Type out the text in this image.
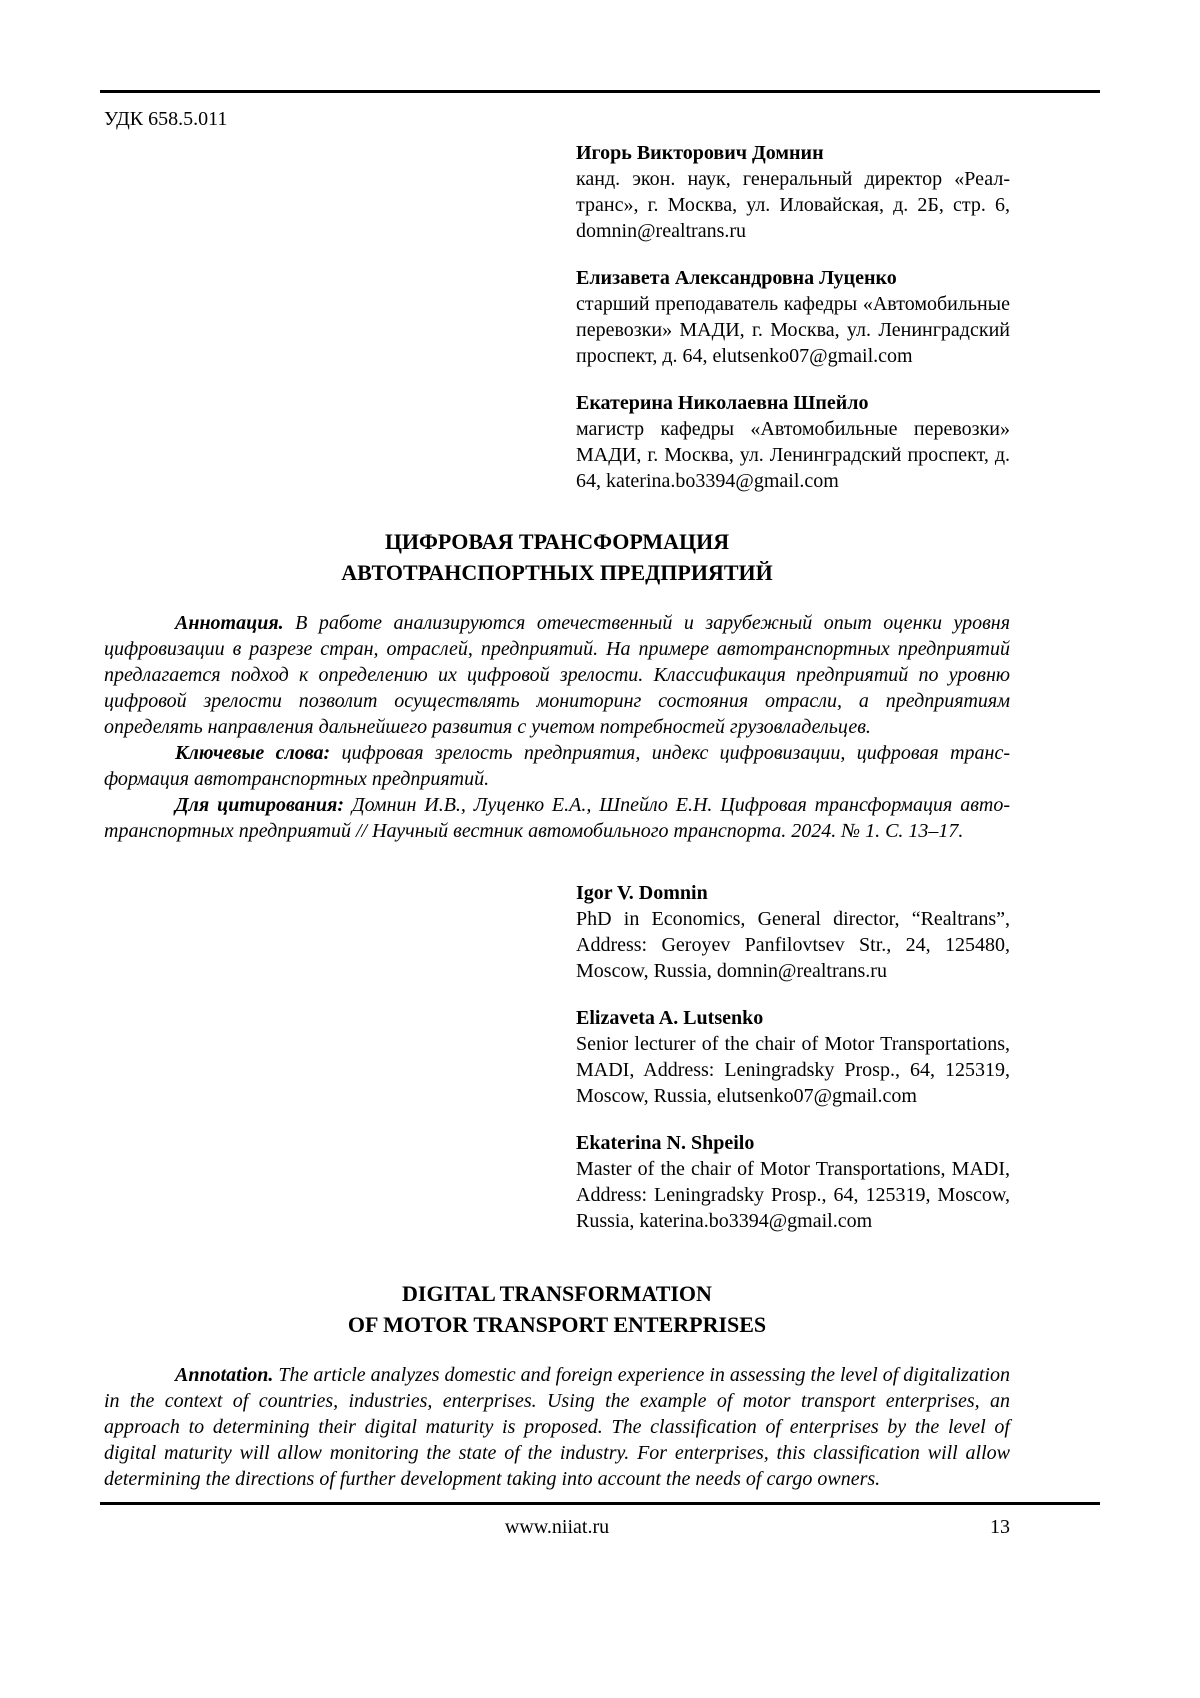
УДК 658.5.011
Игорь Викторович Домнин
канд. экон. наук, генеральный директор «Реалтранс», г. Москва, ул. Иловайская, д. 2Б, стр. 6, domnin@realtrans.ru
Елизавета Александровна Луценко
старший преподаватель кафедры «Автомобильные перевозки» МАДИ, г. Москва, ул. Ленинградский проспект, д. 64, elutsenko07@gmail.com
Екатерина Николаевна Шпейло
магистр кафедры «Автомобильные перевозки» МАДИ, г. Москва, ул. Ленинградский проспект, д. 64, katerina.bo3394@gmail.com
ЦИФРОВАЯ ТРАНСФОРМАЦИЯ
АВТОТРАНСПОРТНЫХ ПРЕДПРИЯТИЙ

Аннотация. В работе анализируются отечественный и зарубежный опыт оценки уровня цифровизации в разрезе стран, отраслей, предприятий. На примере автотранспортных предприятий предлагается подход к определению их цифровой зрелости. Классификация предприятий по уровню цифровой зрелости позволит осуществлять мониторинг состояния отрасли, а предприятиям определять направления дальнейшего развития с учетом потребностей грузовладельцев.

Ключевые слова: цифровая зрелость предприятия, индекс цифровизации, цифровая трансформация автотранспортных предприятий.

Для цитирования: Домнин И.В., Луценко Е.А., Шпейло Е.Н. Цифровая трансформация автотранспортных предприятий // Научный вестник автомобильного транспорта. 2024. № 1. С. 13–17.

Igor V. Domnin
PhD in Economics, General director, “Realtrans”, Address: Geroyev Panfilovtsev Str., 24, 125480, Moscow, Russia, domnin@realtrans.ru
Elizaveta A. Lutsenko
Senior lecturer of the chair of Motor Transportations, MADI, Address: Leningradsky Prosp., 64, 125319, Moscow, Russia, elutsenko07@gmail.com
Ekaterina N. Shpeilo
Master of the chair of Motor Transportations, MADI, Address: Leningradsky Prosp., 64, 125319, Moscow, Russia, katerina.bo3394@gmail.com
DIGITAL TRANSFORMATION
OF MOTOR TRANSPORT ENTERPRISES

Annotation. The article analyzes domestic and foreign experience in assessing the level of digitalization in the context of countries, industries, enterprises. Using the example of motor transport enterprises, an approach to determining their digital maturity is proposed. The classification of enterprises by the level of digital maturity will allow monitoring the state of the industry. For enterprises, this classification will allow determining the directions of further development taking into account the needs of cargo owners.

www.niiat.ru	13
